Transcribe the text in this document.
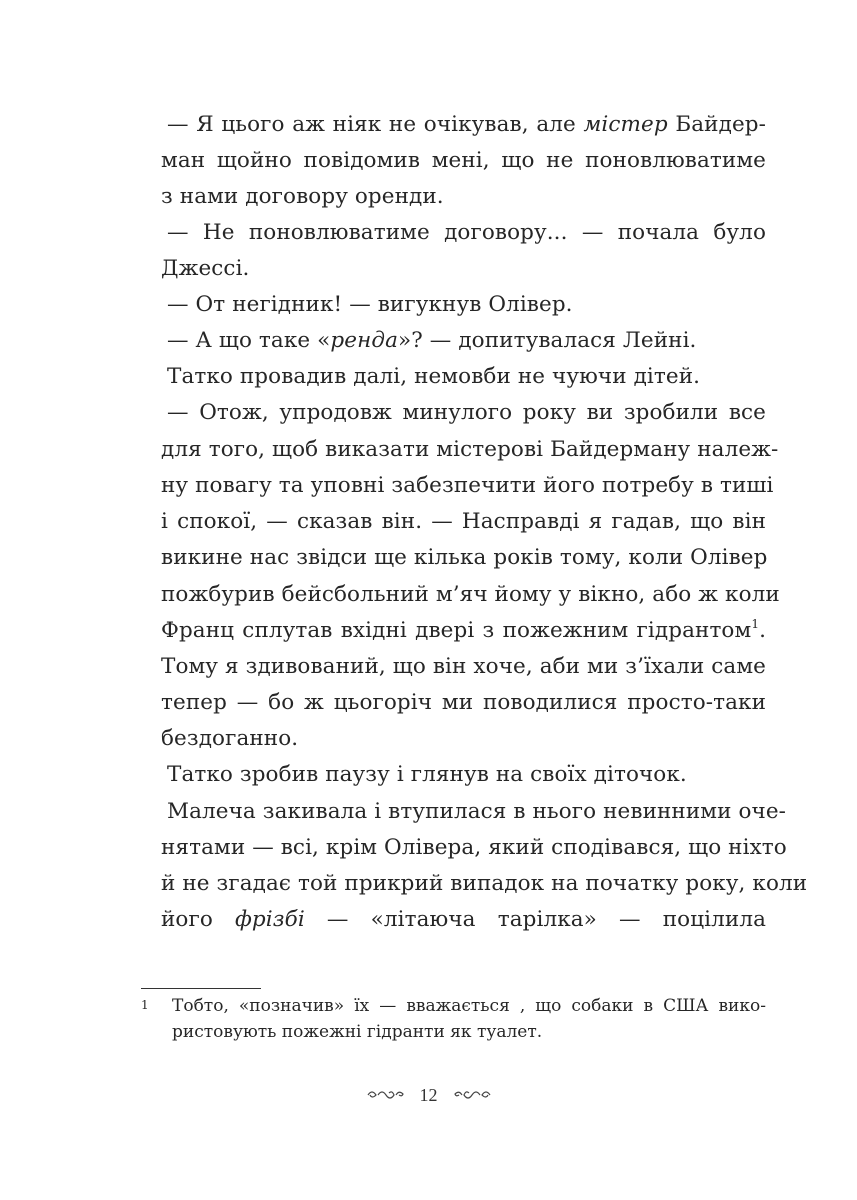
— Я цього аж ніяк не очікував, але містер Байдер-
ман щойно повідомив мені, що не поновлюватиме
з нами договору оренди.
— Не поновлюватиме договору... — почала було
Джессі.
— От негідник! — вигукнув Олівер.
— А що таке «ренда»? — допитувалася Лейні.
Татко провадив далі, немовби не чуючи дітей.
— Отож, упродовж минулого року ви зробили все
для того, щоб виказати містерові Байдерману належ-
ну повагу та уповні забезпечити його потребу в тиші
і спокої, — сказав він. — Насправді я гадав, що він
викине нас звідси ще кілька років тому, коли Олівер
пожбурив бейсбольний м’яч йому у вікно, або ж коли
Франц сплутав вхідні двері з пожежним гідрантом$^1$.
Тому я здивований, що він хоче, аби ми з’їхали саме
тепер — бо ж цьогоріч ми поводилися просто-таки
бездоганно.
Татко зробив паузу і глянув на своїх діточок.
Малеча закивала і втупилася в нього невинними оче-
нятами — всі, крім Олівера, який сподівався, що ніхто
й не згадає той прикрий випадок на початку року, коли
його фрізбі — «літаюча тарілка» — поцілила
1 Тобто, «позначив» їх — вважається , що собаки в США вико-
ристовують пожежні гідранти як туалет.
12
